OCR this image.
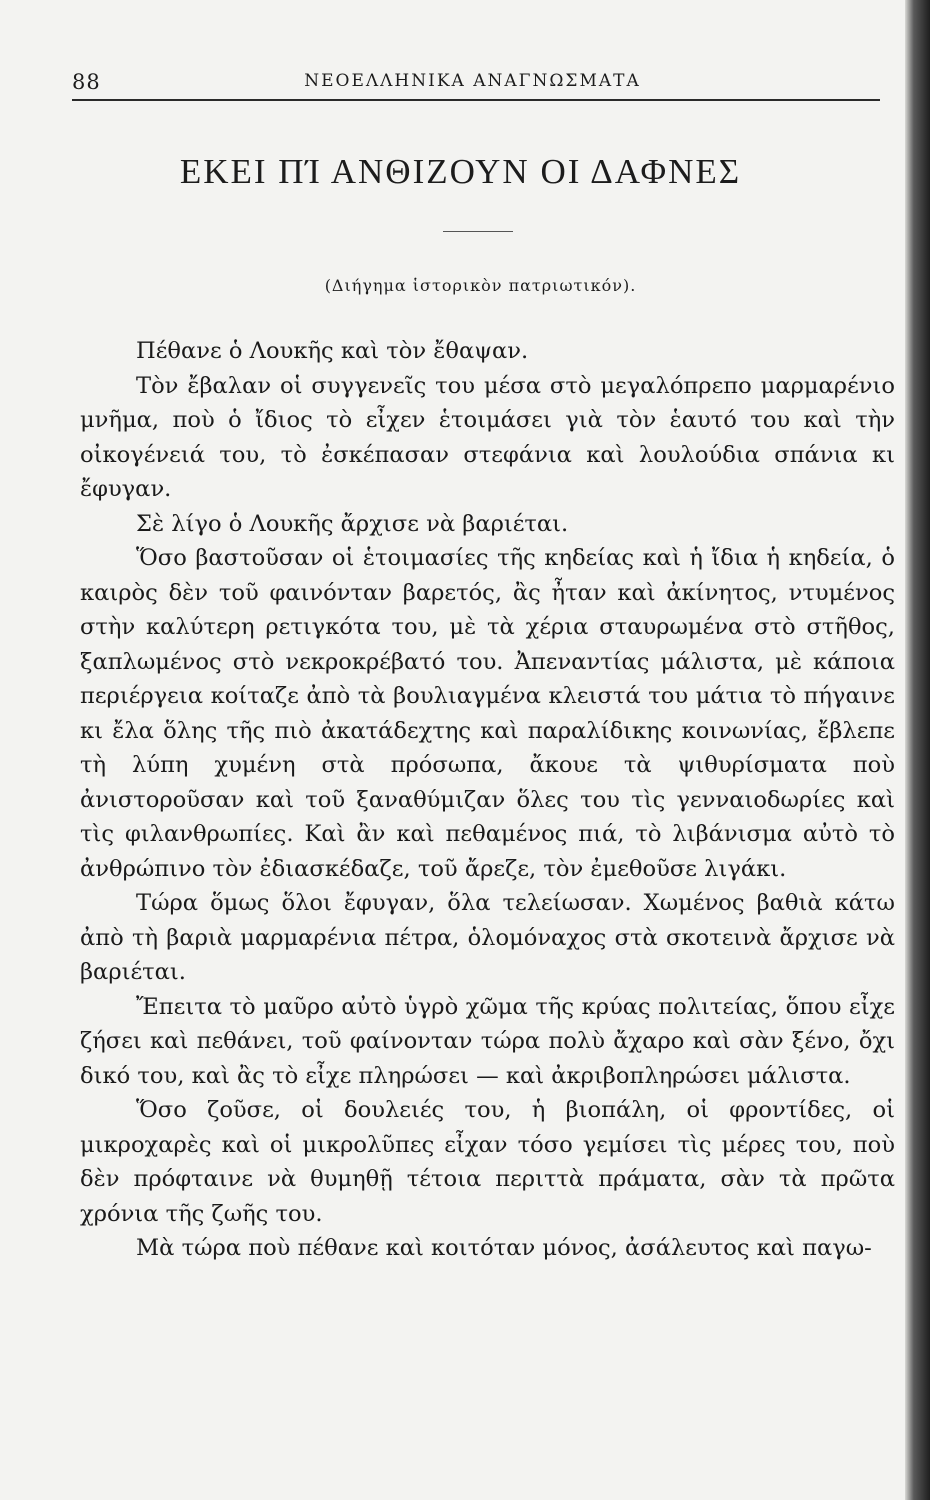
88	ΝΕΟΕΛΛΗΝΙΚΑ ΑΝΑΓΝΩΣΜΑΤΑ
ΕΚΕΙ ΠΊ ΑΝΘΙΖΟΥΝ ΟΙ ΔΑΦΝΕΣ
(Διήγημα ἱστορικὸν πατριωτικόν).

Πέθανε ὁ Λουκῆς καὶ τὸν ἔθαψαν.

Τὸν ἔβαλαν οἱ συγγενεῖς του μέσα στὸ μεγαλόπρεπο μαρμαρένιο μνῆμα, ποὺ ὁ ἴδιος τὸ εἶχεν ἑτοιμάσει γιὰ τὸν ἑαυτό του καὶ τὴν οἰκογένειά του, τὸ ἐσκέπασαν στεφάνια καὶ λουλούδια σπάνια κι ἔφυγαν.

Σὲ λίγο ὁ Λουκῆς ἄρχισε νὰ βαριέται.

Ὅσο βαστοῦσαν οἱ ἑτοιμασίες τῆς κηδείας καὶ ἡ ἴδια ἡ κηδεία, ὁ καιρὸς δὲν τοῦ φαινόνταν βαρετός, ἂς ἦταν καὶ ἀκίνητος, ντυμένος στὴν καλύτερη ρετιγκότα του, μὲ τὰ χέρια σταυρωμένα στὸ στῆθος, ξαπλωμένος στὸ νεκροκρέβατό του. Ἀπεναντίας μάλιστα, μὲ κάποια περιέργεια κοίταζε ἀπὸ τὰ βουλιαγμένα κλειστά του μάτια τὸ πήγαινε κι ἔλα ὅλης τῆς πιὸ ἀκατάδεχτης καὶ παραλίδικης κοινωνίας, ἔβλεπε τὴ λύπη χυμένη στὰ πρόσωπα, ἄκουε τὰ ψιθυρίσματα ποὺ ἀνιστοροῦσαν καὶ τοῦ ξαναθύμιζαν ὅλες του τὶς γενναιοδωρίες καὶ τὶς φιλανθρωπίες. Καὶ ἂν καὶ πεθαμένος πιά, τὸ λιβάνισμα αὐτὸ τὸ ἀνθρώπινο τὸν ἐδιασκέδαζε, τοῦ ἄρεζε, τὸν ἐμεθοῦσε λιγάκι.

Τώρα ὅμως ὅλοι ἔφυγαν, ὅλα τελείωσαν. Χωμένος βαθιὰ κάτω ἀπὸ τὴ βαριὰ μαρμαρένια πέτρα, ὁλομόναχος στὰ σκοτεινὰ ἄρχισε νὰ βαριέται.

Ἔπειτα τὸ μαῦρο αὐτὸ ὑγρὸ χῶμα τῆς κρύας πολιτείας, ὅπου εἶχε ζήσει καὶ πεθάνει, τοῦ φαίνονταν τώρα πολὺ ἄχαρο καὶ σὰν ξένο, ὄχι δικό του, καὶ ἂς τὸ εἶχε πληρώσει — καὶ ἀκριβοπληρώσει μάλιστα.

Ὅσο ζοῦσε, οἱ δουλειές του, ἡ βιοπάλη, οἱ φροντίδες, οἱ μικροχαρὲς καὶ οἱ μικρολῦπες εἶχαν τόσο γεμίσει τὶς μέρες του, ποὺ δὲν πρόφταινε νὰ θυμηθῇ τέτοια περιττὰ πράματα, σὰν τὰ πρῶτα χρόνια τῆς ζωῆς του.

Μὰ τώρα ποὺ πέθανε καὶ κοιτόταν μόνος, ἀσάλευτος καὶ παγω-
